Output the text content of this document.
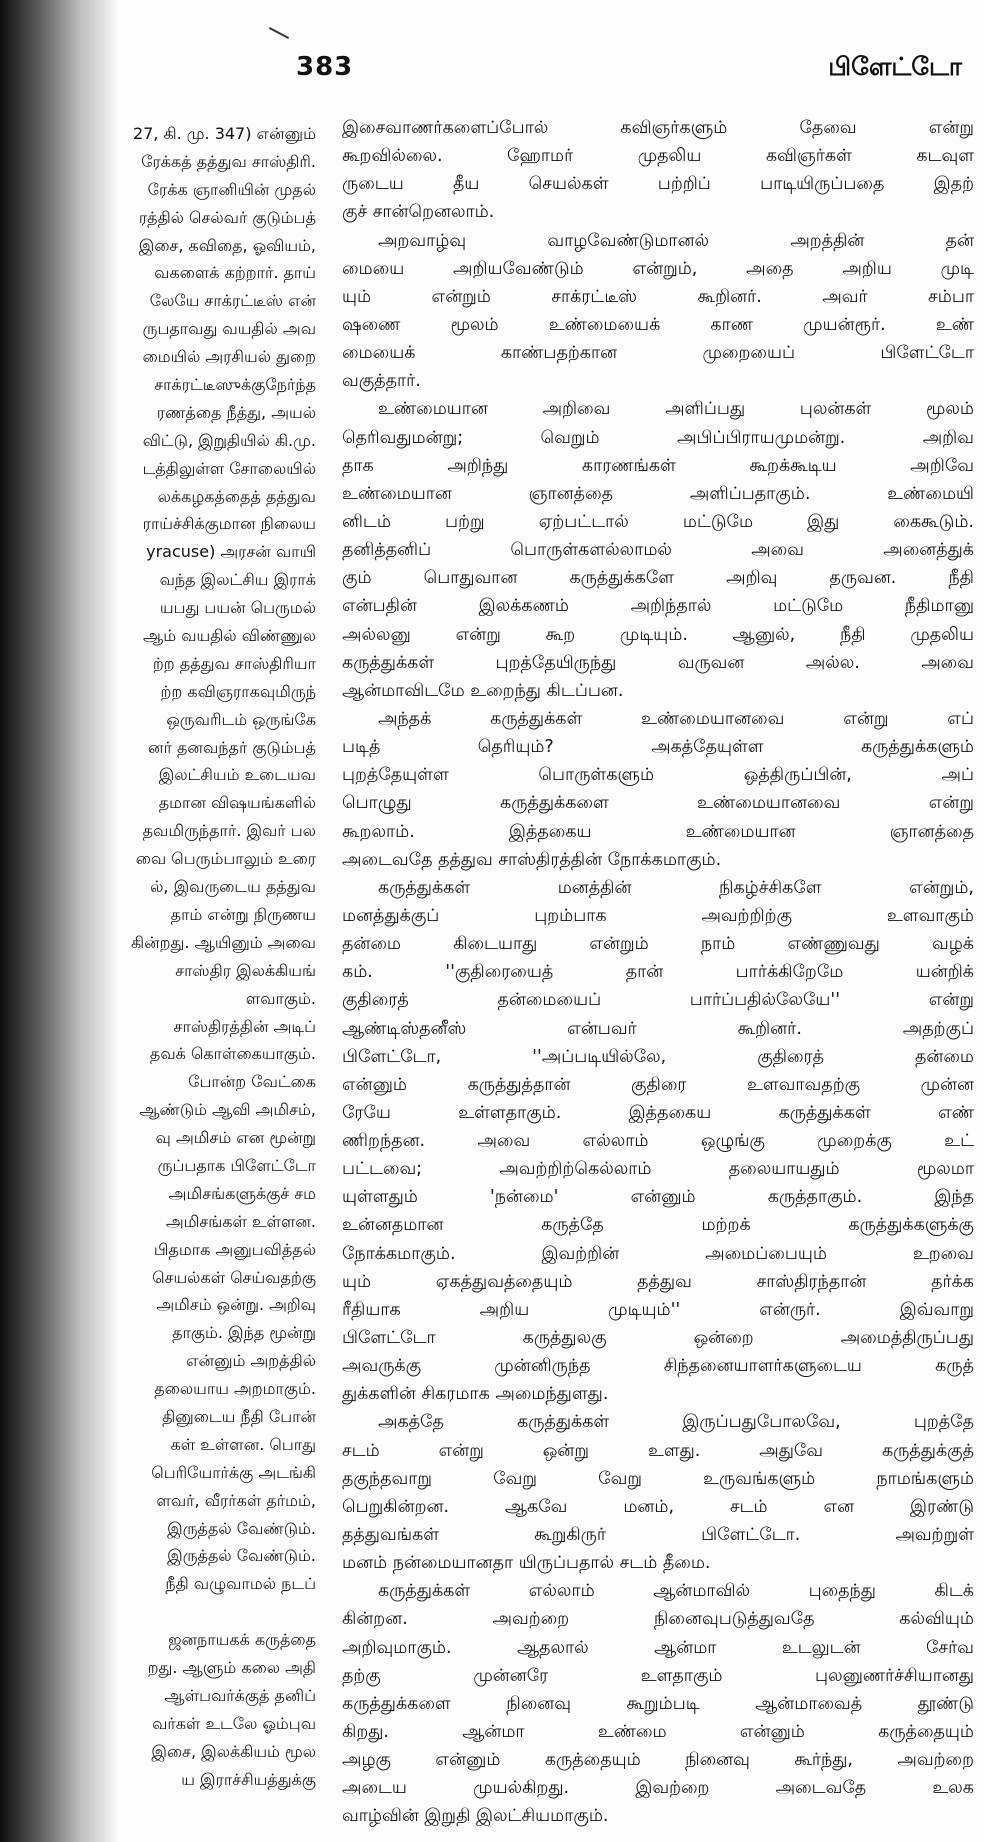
383	பிளேட்டோ
27, கி. மு. 347) என்னும்
ரேக்கத் தத்துவ சாஸ்திரி.
ரேக்க ஞானியின் முதல்
ரத்தில் செல்வர் குடும்பத்
இசை, கவிதை, ஓவியம்,
வகளைக் கற்றார். தாய்
லேயே சாக்ரட்டீஸ் என்
ருபதாவது வயதில் அவ
மையில் அரசியல் துறை
சாக்ரட்டீஸுக்குநேர்ந்த
ரணத்தை நீத்து, அயல்
விட்டு, இறுதியில் கி.மு.
டத்திலுள்ள சோலையில்
லக்கழகத்தைத் தத்துவ
ராய்ச்சிக்குமான நிலைய
yracuse) அரசன் வாயி
வந்த இலட்சிய இராக்
யபது பயன் பெருமல்
ஆம் வயதில் விண்ணுல
ற்ற தத்துவ சாஸ்திரியா
ற்ற கவிஞராகவுமிருந்
ஒருவரிடம் ஒருங்கே
னர் தனவந்தர் குடும்பத்
இலட்சியம் உடையவ
தமான விஷயங்களில்
தவமிருந்தார். இவர் பல
வை பெரும்பாலும் உரை
ல், இவருடைய தத்துவ
தாம் என்று நிருணய
கின்றது. ஆயினும் அவை
சாஸ்திர இலக்கியங்
ளவாகும்.
சாஸ்திரத்தின் அடிப்
தவக் கொள்கையாகும்.
போன்ற வேட்கை
ஆண்டும் ஆவி அமிசம்,
வு அமிசம் என மூன்று
ருப்பதாக பிளேட்டோ
அமிசங்களுக்குச் சம
அமிசங்கள் உள்ளன.
பிதமாக அனுபவித்தல்
செயல்கள் செய்வதற்கு
அமிசம் ஒன்று. அறிவு
தாகும். இந்த மூன்று
என்னும் அறத்தில்
தலையாய அறமாகும்.
தினுடைய நீதி போன்
கள் உள்ளன. பொது
பெரியோர்க்கு அடங்கி
ளவர், வீரர்கள் தர்மம்,
இருத்தல் வேண்டும்.
இருத்தல் வேண்டும்.
நீதி வழுவாமல் நடப்
ஜனநாயகக் கருத்தை
றது. ஆளும் கலை அதி
ஆள்பவர்க்குத் தனிப்
வர்கள் உடலே ஓம்புவ
இசை, இலக்கியம் மூல
ய இராச்சியத்துக்கு
இசைவாணர்களைப்போல் கவிஞர்களும் தேவை என்று
கூறவில்லை. ஹோமர் முதலிய கவிஞர்கள் கடவுள
ருடைய தீய செயல்கள் பற்றிப் பாடியிருப்பதை இதற்
குச் சான்றெனலாம்.
அறவாழ்வு வாழவேண்டுமானல் அறத்தின் தன்
மையை அறியவேண்டும் என்றும், அதை அறிய முடி
யும் என்றும் சாக்ரட்டீஸ் கூறினர். அவர் சம்பா
ஷணை மூலம் உண்மையைக் காண முயன்ரூர். உண்
மையைக் காண்பதற்கான முறையைப் பிளேட்டோ
வகுத்தார்.
உண்மையான அறிவை அளிப்பது புலன்கள் மூலம்
தெரிவதுமன்று; வெறும் அபிப்பிராயமுமன்று. அறிவ
தாக அறிந்து காரணங்கள் கூறக்கூடிய அறிவே
உண்மையான ஞானத்தை அளிப்பதாகும். உண்மையி
னிடம் பற்று ஏற்பட்டால் மட்டுமே இது கைகூடும்.
தனித்தனிப் பொருள்களல்லாமல் அவை அனைத்துக்
கும் பொதுவான கருத்துக்களே அறிவு தருவன. நீதி
என்பதின் இலக்கணம் அறிந்தால் மட்டுமே நீதிமானு
அல்லனு என்று கூற முடியும். ஆனுல், நீதி முதலிய
கருத்துக்கள் புறத்தேயிருந்து வருவன அல்ல. அவை
ஆன்மாவிடமே உறைந்து கிடப்பன.
அந்தக் கருத்துக்கள் உண்மையானவை என்று எப்
படித் தெரியும்? அகத்தேயுள்ள கருத்துக்களும்
புறத்தேயுள்ள பொருள்களும் ஒத்திருப்பின், அப்
பொழுது கருத்துக்களை உண்மையானவை என்று
கூறலாம். இத்தகைய உண்மையான ஞானத்தை
அடைவதே தத்துவ சாஸ்திரத்தின் நோக்கமாகும்.
கருத்துக்கள் மனத்தின் நிகழ்ச்சிகளே என்றும்,
மனத்துக்குப் புறம்பாக அவற்றிற்கு உளவாகும்
தன்மை கிடையாது என்றும் நாம் எண்ணுவது வழக்
கம். ''குதிரையைத் தான் பார்க்கிறேமே யன்றிக்
குதிரைத் தன்மையைப் பார்ப்பதில்லேயே'' என்று
ஆண்டிஸ்தனீஸ் என்பவர் கூறினர். அதற்குப்
பிளேட்டோ, ''அப்படியில்லே, குதிரைத் தன்மை
என்னும் கருத்துத்தான் குதிரை உளவாவதற்கு முன்ன
ரேயே உள்ளதாகும். இத்தகைய கருத்துக்கள் எண்
ணிறந்தன. அவை எல்லாம் ஒழுங்கு முறைக்கு உட்
பட்டவை; அவற்றிற்கெல்லாம் தலையாயதும் மூலமா
யுள்ளதும் 'நன்மை' என்னும் கருத்தாகும். இந்த
உன்னதமான கருத்தே மற்றக் கருத்துக்களுக்கு
நோக்கமாகும். இவற்றின் அமைப்பையும் உறவை
யும் ஏகத்துவத்தையும் தத்துவ சாஸ்திரந்தான் தர்க்க
ரீதியாக அறிய முடியும்'' என்ருர். இவ்வாறு
பிளேட்டோ கருத்துலகு ஒன்றை அமைத்திருப்பது
அவருக்கு முன்னிருந்த சிந்தனையாளர்களுடைய கருத்
துக்களின் சிகரமாக அமைந்துளது.
அகத்தே கருத்துக்கள் இருப்பதுபோலவே, புறத்தே
சடம் என்று ஒன்று உளது. அதுவே கருத்துக்குத்
தகுந்தவாறு வேறு வேறு உருவங்களும் நாமங்களும்
பெறுகின்றன. ஆகவே மனம், சடம் என இரண்டு
தத்துவங்கள் கூறுகிருர் பிளேட்டோ. அவற்றுள்
மனம் நன்மையானதா யிருப்பதால் சடம் தீமை.
கருத்துக்கள் எல்லாம் ஆன்மாவில் புதைந்து கிடக்
கின்றன. அவற்றை நினைவுபடுத்துவதே கல்வியும்
அறிவுமாகும். ஆதலால் ஆன்மா உடலுடன் சேர்வ
தற்கு முன்னரே உளதாகும் புலனுணர்ச்சியானது
கருத்துக்களை நினைவு கூறும்படி ஆன்மாவைத் தூண்டு
கிறது. ஆன்மா உண்மை என்னும் கருத்தையும்
அழகு என்னும் கருத்தையும் நினைவு கூர்ந்து, அவற்றை
அடைய முயல்கிறது. இவற்றை அடைவதே உலக
வாழ்வின் இறுதி இலட்சியமாகும்.
